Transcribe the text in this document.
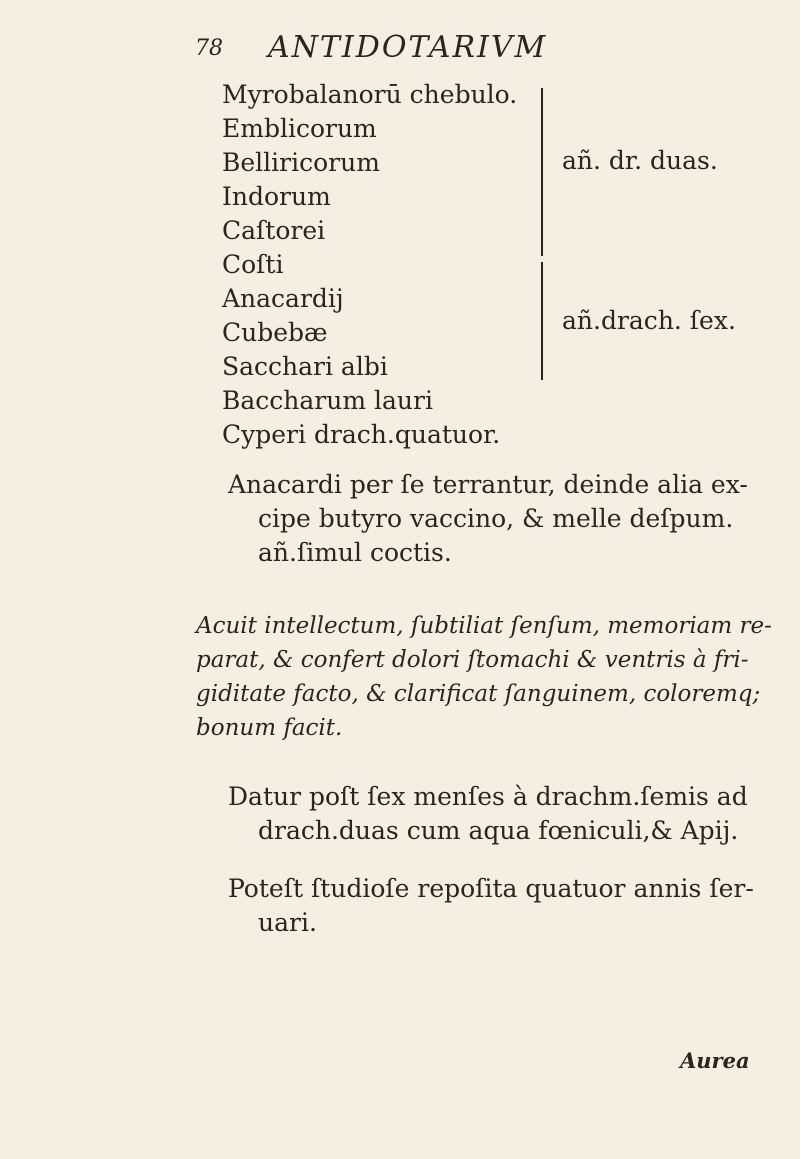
78 ANTIDOTARIVM
Myrobalanorū chebulo.
Emblicorum
Belliricorum
Indorum
Caſtorei
Coſti
Anacardij
Cubebæ
Sacchari albi
Baccharum lauri
Cyperi drach.quatuor.
añ. dr. duas.
añ.drach. ſex.
Anacardi per ſe terrantur, deinde alia ex-
cipe butyro vaccino, & melle deſpum.
añ.ſimul coctis.
Acuit intellectum, ſubtiliat ſenſum, memoriam re-
parat, & confert dolori ſtomachi & ventris à fri-
giditate facto, & clarificat ſanguinem, coloremq;
bonum facit.
Datur poſt ſex menſes à drachm.ſemis ad
drach.duas cum aqua fœniculi,& Apij.
Poteſt ſtudioſe repoſita quatuor annis ſer-
uari.
Aurea
